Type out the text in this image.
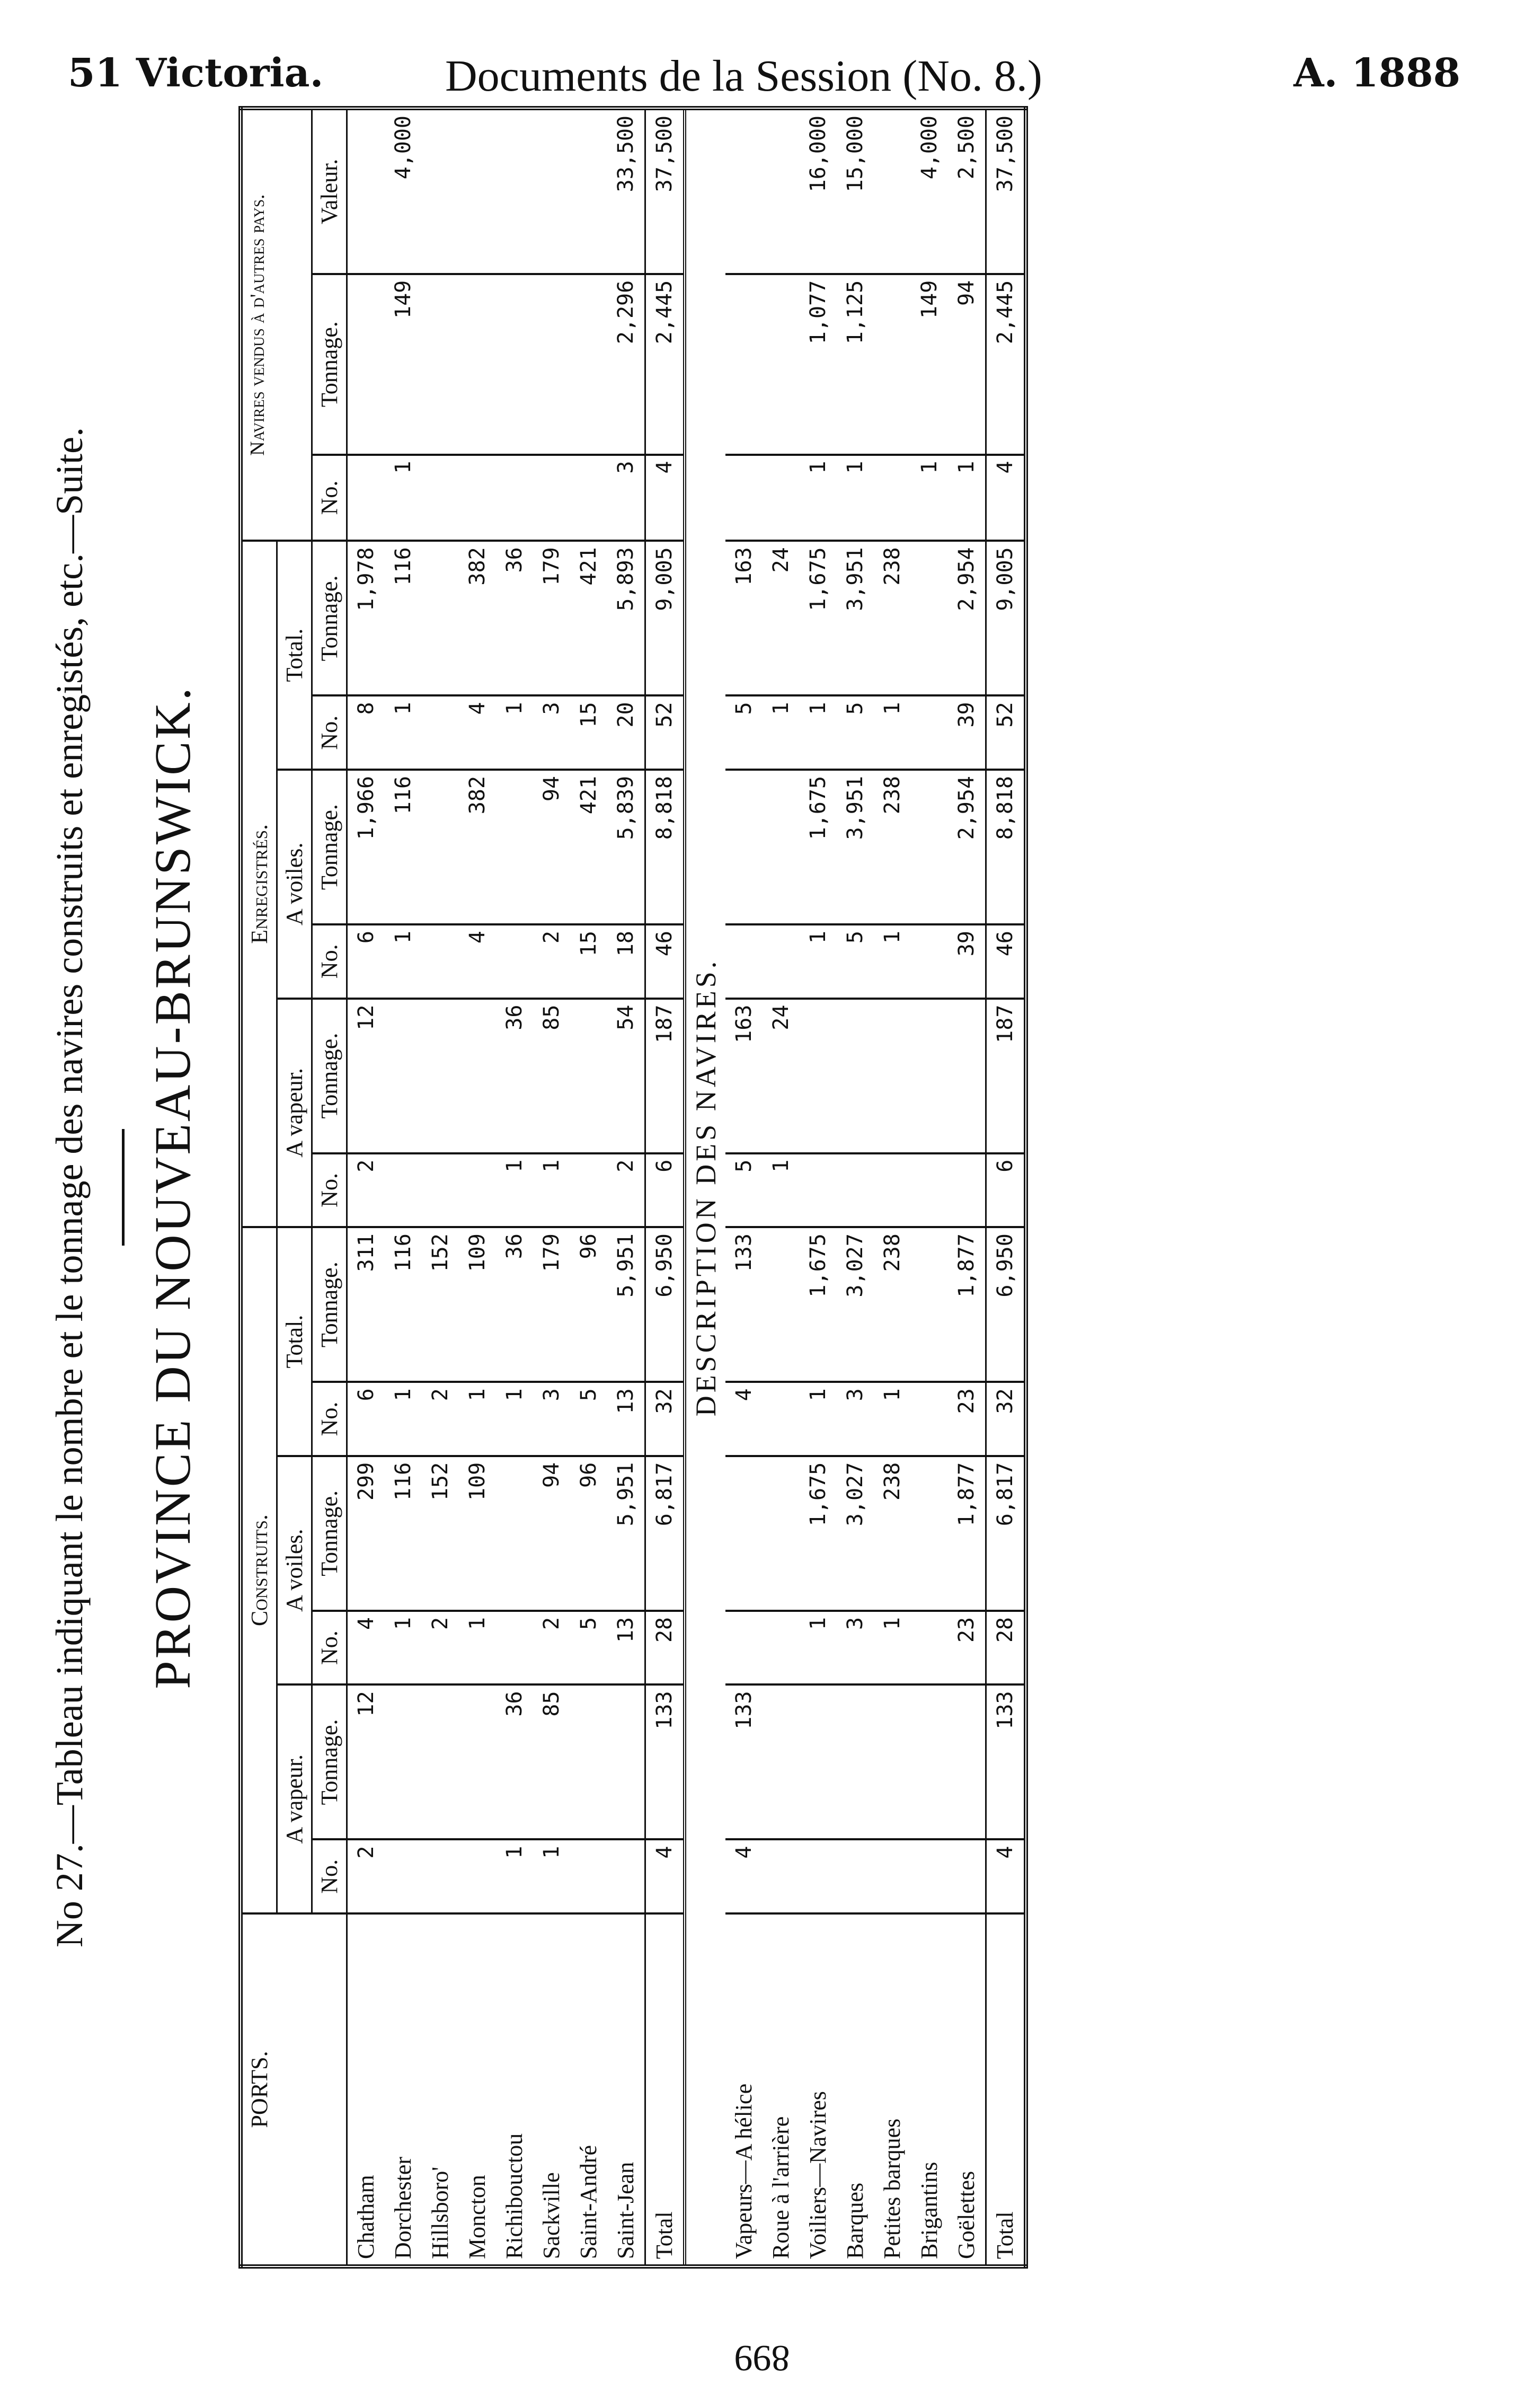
51 Victoria.	Documents de la Session (No. 8.)	A. 1888
No 27.—Tableau indiquant le nombre et le tonnage des navires construits et enregistés, etc.—Suite. PROVINCE DU NOUVEAU-BRUNSWICK.
PORTS.	Construits.						Enregistrés.						Navires vendus à d'autres pays.		
	A vapeur.		A voiles.		Total.		A vapeur.		A voiles.		Total.				
	No.	Tonnage.	No.	Tonnage.	No.	Tonnage.	No.	Tonnage.	No.	Tonnage.	No.	Tonnage.	No.	Tonnage.	Valeur.
Chatham	2	12	4	299	6	311	2	12	6	1,966	8	1,978			
Dorchester			1	116	1	116			1	116	1	116	1	149	4,000
Hillsboro'			2	152	2	152									
Moncton			1	109	1	109			4	382	4	382			
Richibouctou	1	36			1	36	1	36			1	36			
Sackville	1	85	2	94	3	179	1	85	2	94	3	179			
Saint-André			5	96	5	96			15	421	15	421			
Saint-Jean			13	5,951	13	5,951	2	54	18	5,839	20	5,893	3	2,296	33,500
Total	4	133	28	6,817	32	6,950	6	187	46	8,818	52	9,005	4	2,445	37,500
DESCRIPTION DES NAVIRES.															
Vapeurs—A hélice	4	133			4	133	5	163			5	163			
Roue à l'arrière							1	24			1	24			
Voiliers—Navires			1	1,675	1	1,675			1	1,675	1	1,675	1	1,077	16,000
Barques			3	3,027	3	3,027			5	3,951	5	3,951	1	1,125	15,000
Petites barques			1	238	1	238			1	238	1	238			
Brigantins													1	149	4,000
Goëlettes			23	1,877	23	1,877			39	2,954	39	2,954	1	94	2,500
Total	4	133	28	6,817	32	6,950	6	187	46	8,818	52	9,005	4	2,445	37,500
899
